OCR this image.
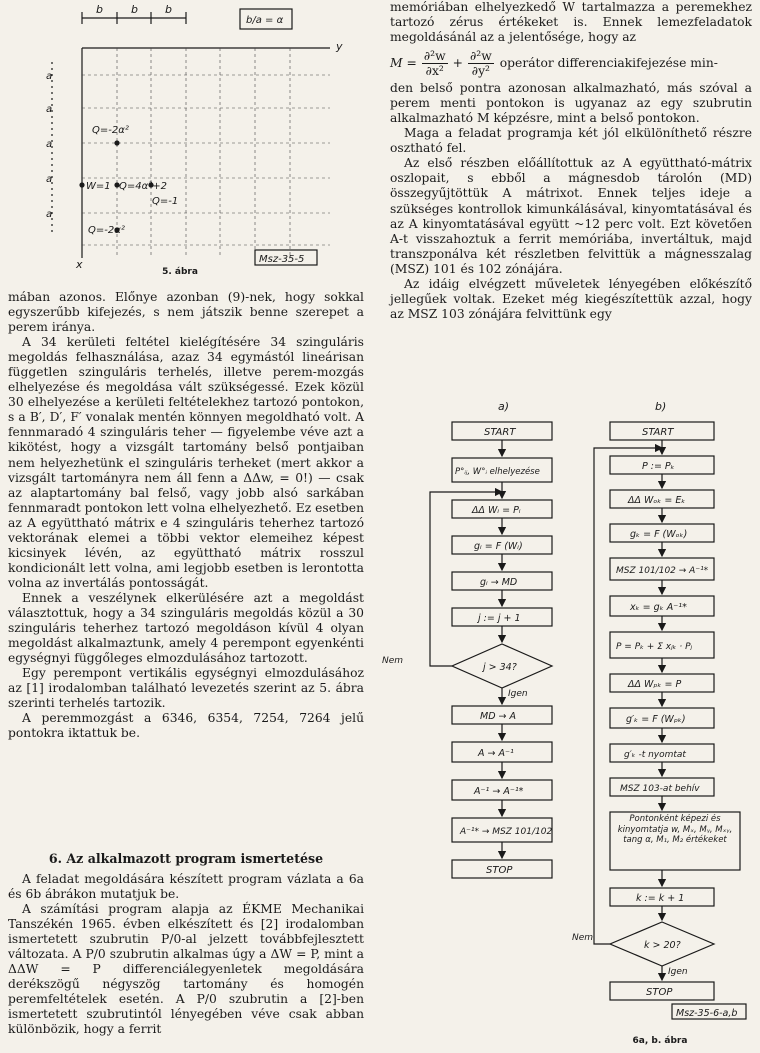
b	b b
b/a = α
y
x
a
a
a
a
a
Q=-2α²
W=1 Q=4α²+2
Q=-1
Q=-2α²
Msz-35-5
5. ábra

mában azonos. Előnye azonban (9)-nek, hogy sokkal egyszerűbb kifejezés, s nem játszik benne szerepet a perem iránya.

A 34 kerületi feltétel kielégítésére 34 szinguláris megoldás felhasználása, azaz 34 egymástól lineárisan független szinguláris terhelés, illetve perem-mozgás elhelyezése és megoldása vált szükségessé. Ezek közül 30 elhelyezése a kerületi feltételekhez tartozó pontokon, s a B′, D′, F′ vonalak mentén könnyen megoldható volt. A fennmaradó 4 szinguláris teher — figyelembe véve azt a kikötést, hogy a vizsgált tartomány belső pontjaiban nem helyezhetünk el szinguláris terheket (mert akkor a vizsgált tartományra nem áll fenn a ΔΔw, = 0!) — csak az alaptartomány bal felső, vagy jobb alsó sarkában fennmaradt pontokon lett volna elhelyezhető. Ez esetben az A együttható mátrix e 4 szinguláris teherhez tartozó vektorának elemei a többi vektor elemeihez képest kicsinyek lévén, az együttható mátrix rosszul kondicionált lett volna, ami legjobb esetben is lerontotta volna az invertálás pontosságát.

Ennek a veszélynek elkerülésére azt a megoldást választottuk, hogy a 34 szinguláris megoldás közül a 30 szinguláris teherhez tartozó megoldáson kívül 4 olyan megoldást alkalmaztunk, amely 4 perempont egyenkénti egységnyi függőleges elmozdulásához tartozott.

Egy perempont vertikális egységnyi elmozdulásához az [1] irodalomban található levezetés szerint az 5. ábra szerinti terhelés tartozik.

A peremmozgást a 6346, 6354, 7254, 7264 jelű pontokra iktattuk be.

6. Az alkalmazott program ismertetése

A feladat megoldására készített program vázlata a 6a és 6b ábrákon mutatjuk be.

A számítási program alapja az ÉKME Mechanikai Tanszékén 1965. évben elkészített és [2] irodalomban ismertetett szubrutin P/0-al jelzett továbbfejlesztett változata. A P/0 szubrutin alkalmas úgy a ΔW = P, mint a ΔΔW = P differenciálegyenletek megoldására derékszögű négyszög tartomány és homogén peremfeltételek esetén. A P/0 szubrutin a [2]-ben ismertetett szubrutintól lényegében véve csak abban különbözik, hogy a ferrit

memóriában elhelyezkedő W tartalmazza a peremekhez tartozó zérus értékeket is. Ennek lemezfeladatok megoldásánál az a jelentősége, hogy az

$M = \frac{\text{∂²w}}{\text{∂x²}} + \frac{\text{∂²w}}{\text{∂y²}}$ operátor differenciakifejezése min-

den belső pontra azonosan alkalmazható, más szóval a perem menti pontokon is ugyanaz az egy szubrutin alkalmazható M képzésre, mint a belső pontokon.

Maga a feladat programja két jól elkülöníthető részre osztható fel.

Az első részben előállítottuk az A együttható-mátrix oszlopait, s ebből a mágnesdob tárolón (MD) összegyűjtöttük A mátrixot. Ennek teljes ideje a szükséges kontrollok kimunkálásával, kinyomtatásával és az A kinyomtatásával együtt ~12 perc volt. Ezt követően A-t visszahoztuk a ferrit memóriába, invertáltuk, majd transzponálva két részletben felvittük a mágnesszalag (MSZ) 101 és 102 zónájára.

Az idáig elvégzett műveletek lényegében előkészítő jellegűek voltak. Ezeket még kiegészítettük azzal, hogy az MSZ 103 zónájára felvittünk egy

a)
START
P°ᵢⱼ, W°ᵢ elhelyezése
ΔΔ Wᵢ = Pᵢ
gᵢ = F (Wᵢ)
gᵢ → MD
j := j + 1
j > 34?
Nem
Igen
MD → A
A → A⁻¹
A⁻¹ → A⁻¹*
A⁻¹* → MSZ 101/102
STOP
b)
START
P := Pₖ
ΔΔ Wₒₖ = Eₖ
gₖ = F (Wₒₖ)
MSZ 101/102 → A⁻¹*
xₖ = gₖ A⁻¹*
P = Pₖ + Σ xⱼₖ · Pⱼ
ΔΔ Wₚₖ = P
g′ₖ = F (Wₚₖ)
g′ₖ -t nyomtat
MSZ 103-at behív
Pontonként képezi és kinyomtatja w, Mₓ, Mᵧ, Mₓᵧ, tang α, M₁, M₂ értékeket
k := k + 1
k > 20?
Nem
Igen
STOP
Msz-35-6-a,b
6a, b. ábra
